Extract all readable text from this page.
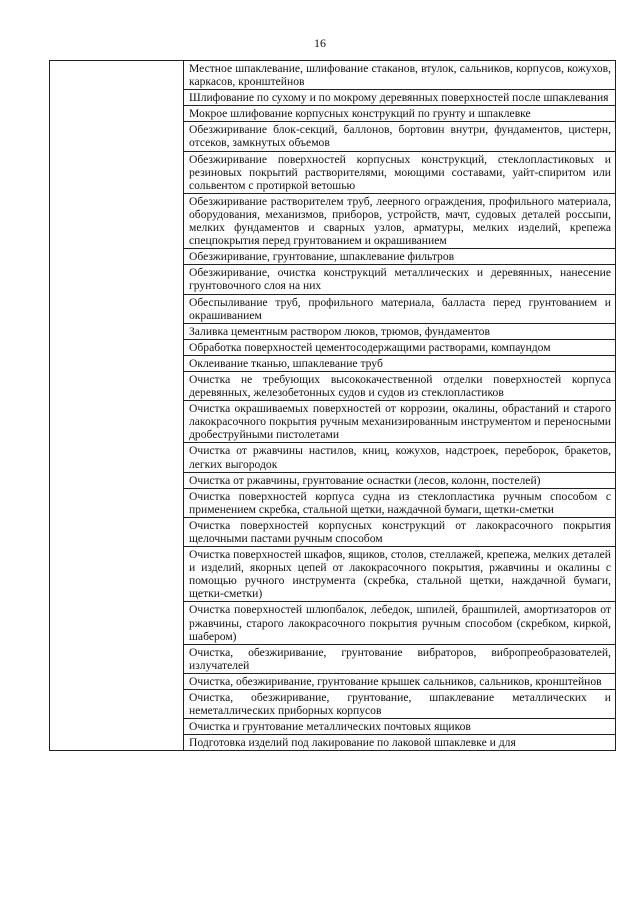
16
	Местное шпаклевание, шлифование стаканов, втулок, сальников, корпусов, кожухов, каркасов, кронштейнов
Шлифование по сухому и по мокрому деревянных поверхностей после шпаклевания
Мокрое шлифование корпусных конструкций по грунту и шпаклевке
Обезжиривание блок-секций, баллонов, бортовин внутри, фундаментов, цистерн, отсеков, замкнутых объемов
Обезжиривание поверхностей корпусных конструкций, стеклопластиковых и резиновых покрытий растворителями, моющими составами, уайт-спиритом или сольвентом с протиркой ветошью
Обезжиривание растворителем труб, леерного ограждения, профильного материала, оборудования, механизмов, приборов, устройств, мачт, судовых деталей россыпи, мелких фундаментов и сварных узлов, арматуры, мелких изделий, крепежа спецпокрытия перед грунтованием и окрашиванием
Обезжиривание, грунтование, шпаклевание фильтров
Обезжиривание, очистка конструкций металлических и деревянных, нанесение грунтовочного слоя на них
Обеспыливание труб, профильного материала, балласта перед грунтованием и окрашиванием
Заливка цементным раствором люков, трюмов, фундаментов
Обработка поверхностей цементосодержащими растворами, компаундом
Оклеивание тканью, шпаклевание труб
Очистка не требующих высококачественной отделки поверхностей корпуса деревянных, железобетонных судов и судов из стеклопластиков
Очистка окрашиваемых поверхностей от коррозии, окалины, обрастаний и старого лакокрасочного покрытия ручным механизированным инструментом и переносными дробеструйными пистолетами
Очистка от ржавчины настилов, книц, кожухов, надстроек, переборок, бракетов, легких выгородок
Очистка от ржавчины, грунтование оснастки (лесов, колонн, постелей)
Очистка поверхностей корпуса судна из стеклопластика ручным способом с применением скребка, стальной щетки, наждачной бумаги, щетки-сметки
Очистка поверхностей корпусных конструкций от лакокрасочного покрытия щелочными пастами ручным способом
Очистка поверхностей шкафов, ящиков, столов, стеллажей, крепежа, мелких деталей и изделий, якорных цепей от лакокрасочного покрытия, ржавчины и окалины с помощью ручного инструмента (скребка, стальной щетки, наждачной бумаги, щетки-сметки)
Очистка поверхностей шлюпбалок, лебедок, шпилей, брашпилей, амортизаторов от ржавчины, старого лакокрасочного покрытия ручным способом (скребком, киркой, шабером)
Очистка, обезжиривание, грунтование вибраторов, вибропреобразователей, излучателей
Очистка, обезжиривание, грунтование крышек сальников, сальников, кронштейнов
Очистка, обезжиривание, грунтование, шпаклевание металлических и неметаллических приборных корпусов
Очистка и грунтование металлических почтовых ящиков
Подготовка изделий под лакирование по лаковой шпаклевке и для
